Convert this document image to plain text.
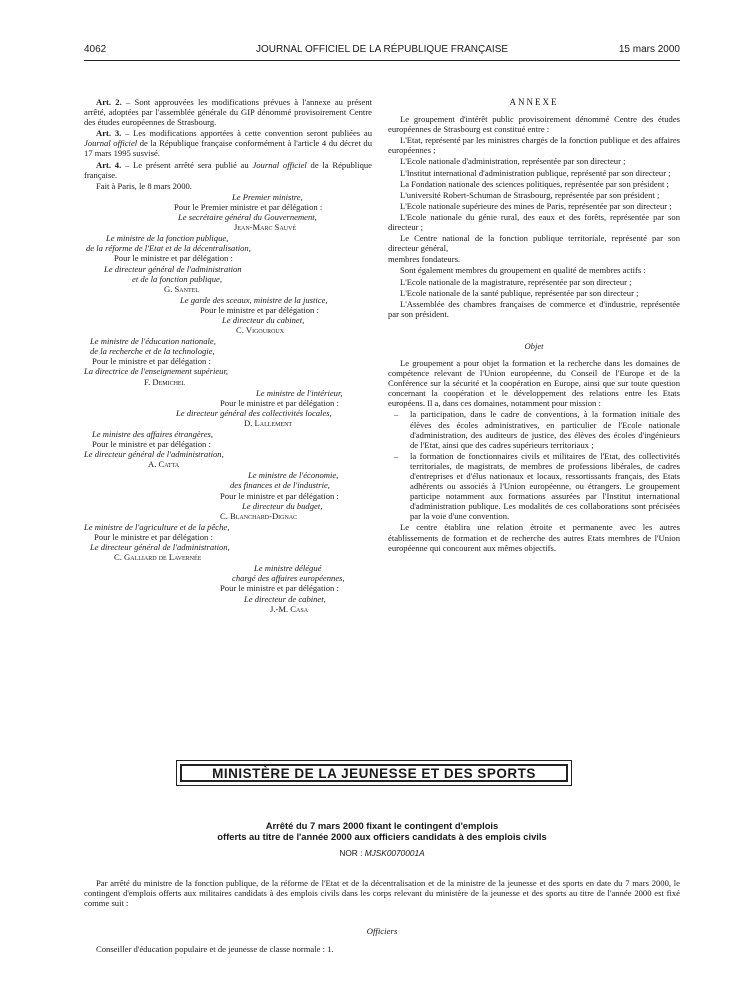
4062	JOURNAL OFFICIEL DE LA RÉPUBLIQUE FRANÇAISE	15 mars 2000

Art. 2. – Sont approuvées les modifications prévues à l'annexe au présent arrêté, adoptées par l'assemblée générale du GIP dénommé provisoirement Centre des études européennes de Strasbourg.

Art. 3. – Les modifications apportées à cette convention seront publiées au Journal officiel de la République française conformément à l'article 4 du décret du 17 mars 1995 susvisé.

Art. 4. – Le présent arrêté sera publié au Journal officiel de la République française.

Fait à Paris, le 8 mars 2000.

Le Premier ministre,
Pour le Premier ministre et par délégation :
Le secrétaire général du Gouvernement,
Jean-Marc Sauvé
Le ministre de la fonction publique,
de la réforme de l'Etat et de la décentralisation,
Pour le ministre et par délégation :
Le directeur général de l'administration
et de la fonction publique,
G. Santel
Le garde des sceaux, ministre de la justice,
Pour le ministre et par délégation :
Le directeur du cabinet,
C. Vigouroux
Le ministre de l'éducation nationale,
de la recherche et de la technologie,
Pour le ministre et par délégation :
La directrice de l'enseignement supérieur,
F. Demichel
Le ministre de l'intérieur,
Pour le ministre et par délégation :
Le directeur général des collectivités locales,
D. Lallement
Le ministre des affaires étrangères,
Pour le ministre et par délégation :
Le directeur général de l'administration,
A. Catta
Le ministre de l'économie,
des finances et de l'industrie,
Pour le ministre et par délégation :
Le directeur du budget,
C. Blanchard-Dignac
Le ministre de l'agriculture et de la pêche,
Pour le ministre et par délégation :
Le directeur général de l'administration,
C. Galliard de Lavernée
Le ministre délégué
chargé des affaires européennes,
Pour le ministre et par délégation :
Le directeur de cabinet,
J.-M. Casa
ANNEXE

Le groupement d'intérêt public provisoirement dénommé Centre des études européennes de Strasbourg est constitué entre :

L'Etat, représenté par les ministres chargés de la fonction publique et des affaires européennes ;

L'Ecole nationale d'administration, représentée par son directeur ;

L'Institut international d'administration publique, représenté par son directeur ;

La Fondation nationale des sciences politiques, représentée par son président ;

L'université Robert-Schuman de Strasbourg, représentée par son président ;

L'Ecole nationale supérieure des mines de Paris, représentée par son directeur ;

L'Ecole nationale du génie rural, des eaux et des forêts, représentée par son directeur ;

Le Centre national de la fonction publique territoriale, représenté par son directeur général,

membres fondateurs.

Sont également membres du groupement en qualité de membres actifs :

L'Ecole nationale de la magistrature, représentée par son directeur ;

L'Ecole nationale de la santé publique, représentée par son directeur ;

L'Assemblée des chambres françaises de commerce et d'industrie, représentée par son président.

Objet

Le groupement a pour objet la formation et la recherche dans les domaines de compétence relevant de l'Union européenne, du Conseil de l'Europe et de la Conférence sur la sécurité et la coopération en Europe, ainsi que sur toute question concernant la coopération et le développement des relations entre les Etats européens. Il a, dans ces domaines, notamment pour mission :

– la participation, dans le cadre de conventions, à la formation initiale des élèves des écoles administratives, en particulier de l'Ecole nationale d'administration, des auditeurs de justice, des élèves des écoles d'ingénieurs de l'Etat, ainsi que des cadres supérieurs territoriaux ;
– la formation de fonctionnaires civils et militaires de l'Etat, des collectivités territoriales, de magistrats, de membres de professions libérales, de cadres d'entreprises et d'élus nationaux et locaux, ressortissants français, des Etats adhérents ou associés à l'Union européenne, ou étrangers. Le groupement participe notamment aux formations assurées par l'Institut international d'administration publique. Les modalités de ces collaborations sont précisées par la voie d'une convention.

Le centre établira une relation étroite et permanente avec les autres établissements de formation et de recherche des autres Etats membres de l'Union européenne qui concourent aux mêmes objectifs.

MINISTÈRE DE LA JEUNESSE ET DES SPORTS
Arrêté du 7 mars 2000 fixant le contingent d'emplois
offerts au titre de l'année 2000 aux officiers candidats à des emplois civils
NOR : MJSK0070001A

Par arrêté du ministre de la fonction publique, de la réforme de l'Etat et de la décentralisation et de la ministre de la jeunesse et des sports en date du 7 mars 2000, le contingent d'emplois offerts aux militaires candidats à des emplois civils dans les corps relevant du ministère de la jeunesse et des sports au titre de l'année 2000 est fixé comme suit :

Officiers
Conseiller d'éducation populaire et de jeunesse de classe normale : 1.
